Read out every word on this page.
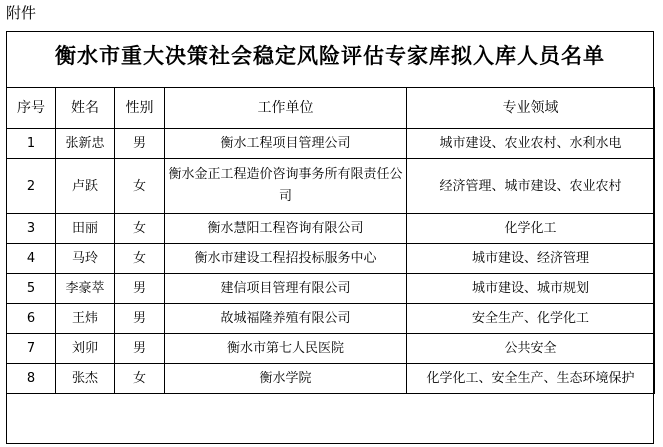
附件
衡水市重大决策社会稳定风险评估专家库拟入库人员名单
序号	姓名	性别	工作单位	专业领域
1	张新忠	男	衡水工程项目管理公司	城市建设、农业农村、水利水电
2	卢跃	女	衡水金正工程造价咨询事务所有限责任公司	经济管理、城市建设、农业农村
3	田丽	女	衡水慧阳工程咨询有限公司	化学化工
4	马玲	女	衡水市建设工程招投标服务中心	城市建设、经济管理
5	李豪萃	男	建信项目管理有限公司	城市建设、城市规划
6	王炜	男	故城福隆养殖有限公司	安全生产、化学化工
7	刘卯	男	衡水市第七人民医院	公共安全
8	张杰	女	衡水学院	化学化工、安全生产、生态环境保护
